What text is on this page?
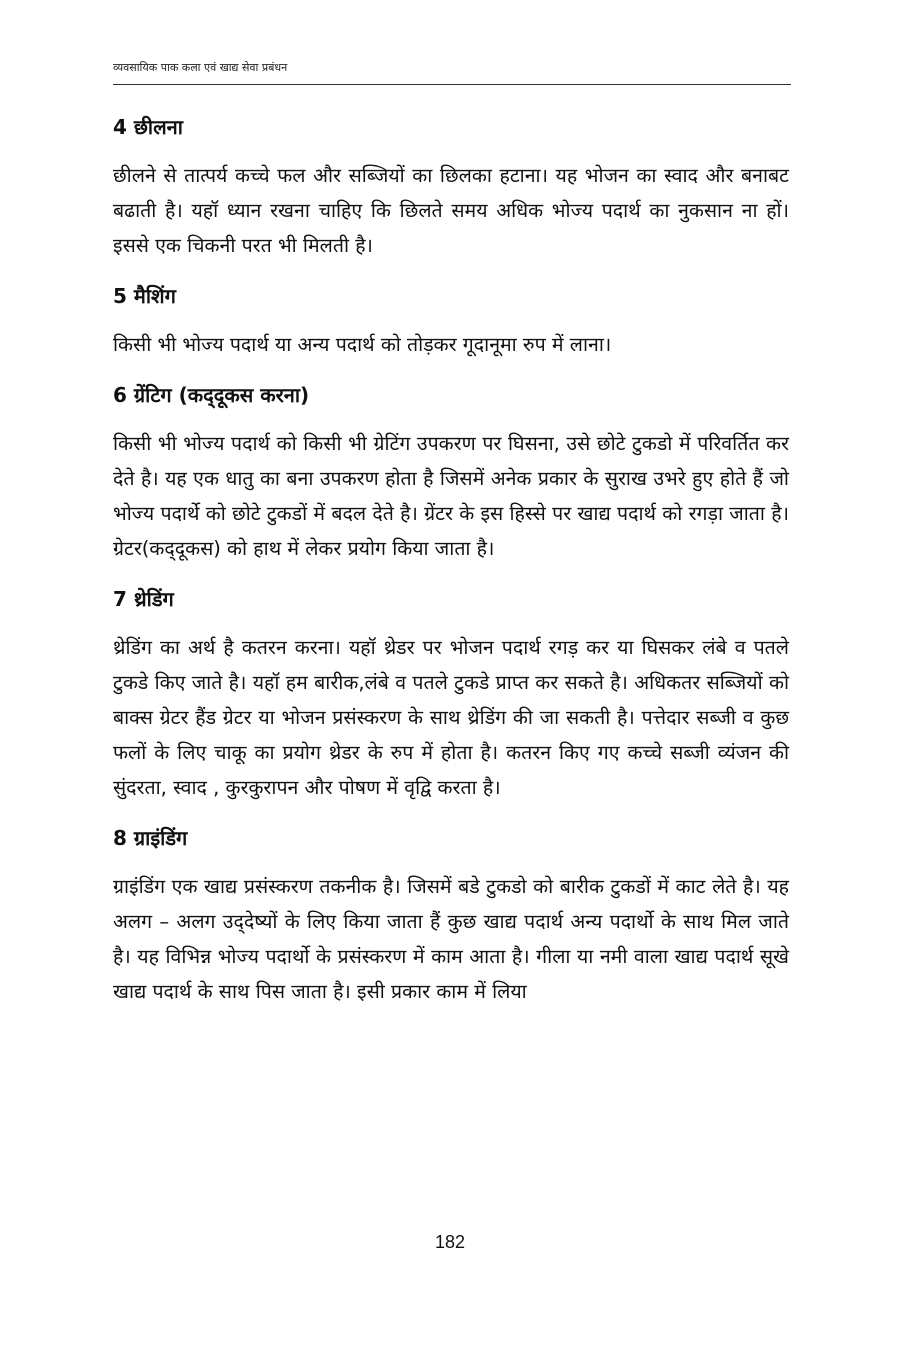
व्यवसायिक पाक कला एवं खाद्य सेवा प्रबंधन
4 छीलना

छीलने से तात्पर्य कच्चे फल और सब्जियों का छिलका हटाना। यह भोजन का स्वाद और बनाबट बढाती है। यहॉ ध्यान रखना चाहिए कि छिलते समय अधिक भोज्य पदार्थ का नुकसान ना हों। इससे एक चिकनी परत भी मिलती है।

5 मैशिंग

किसी भी भोज्य पदार्थ या अन्य पदार्थ को तोड़कर गूदानूमा रुप में लाना।

6 ग्रेंटिग (कद्‌दूकस करना)

किसी भी भोज्य पदार्थ को किसी भी ग्रेटिंग उपकरण पर घिसना, उसे छोटे टुकडो में परिवर्तित कर देते है। यह एक धातु का बना उपकरण होता है जिसमें अनेक प्रकार के सुराख उभरे हुए होते हैं जो भोज्य पदार्थे को छोटे टुकडों में बदल देते है। ग्रेंटर के इस हिस्से पर खाद्य पदार्थ को रगड़ा जाता है। ग्रेटर(कद्‌दूकस) को हाथ में लेकर प्रयोग किया जाता है।

7 थ्रेडिंग

थ्रेडिंग का अर्थ है कतरन करना। यहॉ थ्रेडर पर भोजन पदार्थ रगड़ कर या घिसकर लंबे व पतले टुकडे किए जाते है। यहॉ हम बारीक,लंबे व पतले टुकडे प्राप्त कर सकते है। अधिकतर सब्जियों को बाक्स ग्रेटर हैंड ग्रेटर या भोजन प्रसंस्करण के साथ थ्रेडिंग की जा सकती है। पत्तेदार सब्जी व कुछ फलों के लिए चाकू का प्रयोग थ्रेडर के रुप में होता है। कतरन किए गए कच्चे सब्जी व्यंजन की सुंदरता, स्वाद , कुरकुरापन और पोषण में वृद्वि करता है।

8 ग्राइंडिंग

ग्राइंडिंग एक खाद्य प्रसंस्करण तकनीक है। जिसमें बडे टुकडो को बारीक टुकडों में काट लेते है। यह अलग – अलग उद्‌देष्यों के लिए किया जाता हैं कुछ खाद्य पदार्थ अन्य पदार्थो के साथ मिल जाते है। यह विभिन्न भोज्य पदार्थो के प्रसंस्करण में काम आता है। गीला या नमी वाला खाद्य पदार्थ सूखे खाद्य पदार्थ के साथ पिस जाता है। इसी प्रकार काम में लिया

182
